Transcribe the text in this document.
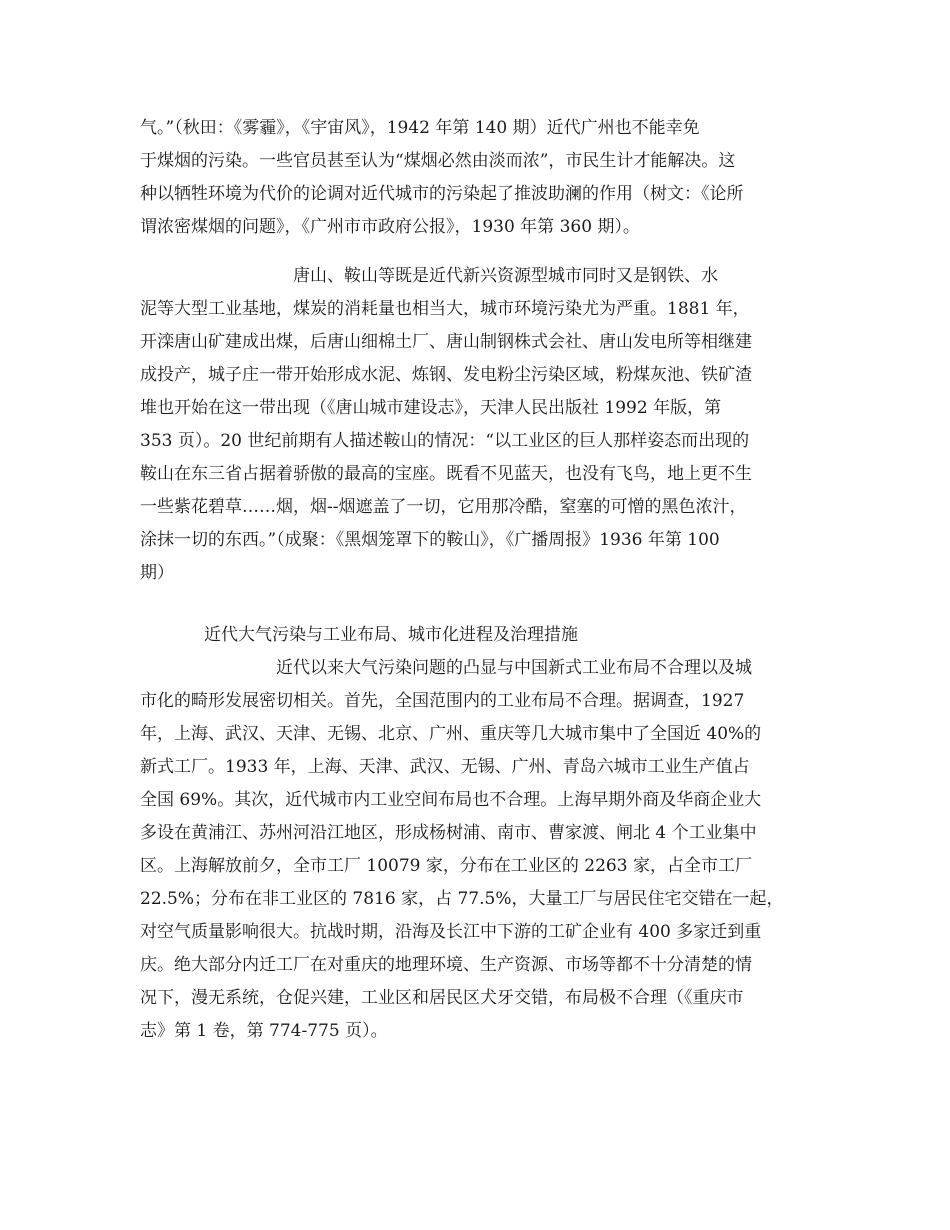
气。”（秋田：《雾霾》，《宇宙风》，1942 年第 140 期）近代广州也不能幸免
于煤烟的污染。一些官员甚至认为“煤烟必然由淡而浓”，市民生计才能解决。这
种以牺牲环境为代价的论调对近代城市的污染起了推波助澜的作用（树文：《论所
谓浓密煤烟的问题》，《广州市市政府公报》，1930 年第 360 期）。

　　　　　　　　　唐山、鞍山等既是近代新兴资源型城市同时又是钢铁、水
泥等大型工业基地，煤炭的消耗量也相当大，城市环境污染尤为严重。1881 年，
开滦唐山矿建成出煤，后唐山细棉土厂、唐山制钢株式会社、唐山发电所等相继建
成投产，城子庄一带开始形成水泥、炼钢、发电粉尘污染区域，粉煤灰池、铁矿渣
堆也开始在这一带出现（《唐山城市建设志》，天津人民出版社 1992 年版，第
353 页）。20 世纪前期有人描述鞍山的情况：“以工业区的巨人那样姿态而出现的
鞍山在东三省占据着骄傲的最高的宝座。既看不见蓝天，也没有飞鸟，地上更不生
一些紫花碧草……烟，烟--烟遮盖了一切，它用那冷酷，窒塞的可憎的黑色浓汁，
涂抹一切的东西。”（成聚：《黑烟笼罩下的鞍山》，《广播周报》1936 年第 100
期）

近代大气污染与工业布局、城市化进程及治理措施

　　　　　　　　近代以来大气污染问题的凸显与中国新式工业布局不合理以及城
市化的畸形发展密切相关。首先，全国范围内的工业布局不合理。据调查，1927
年，上海、武汉、天津、无锡、北京、广州、重庆等几大城市集中了全国近 40%的
新式工厂。1933 年，上海、天津、武汉、无锡、广州、青岛六城市工业生产值占
全国 69%。其次，近代城市内工业空间布局也不合理。上海早期外商及华商企业大
多设在黄浦江、苏州河沿江地区，形成杨树浦、南市、曹家渡、闸北 4 个工业集中
区。上海解放前夕，全市工厂 10079 家，分布在工业区的 2263 家，占全市工厂
22.5%；分布在非工业区的 7816 家，占 77.5%，大量工厂与居民住宅交错在一起，
对空气质量影响很大。抗战时期，沿海及长江中下游的工矿企业有 400 多家迁到重
庆。绝大部分内迁工厂在对重庆的地理环境、生产资源、市场等都不十分清楚的情
况下，漫无系统，仓促兴建，工业区和居民区犬牙交错，布局极不合理（《重庆市
志》第 1 卷，第 774-775 页）。
